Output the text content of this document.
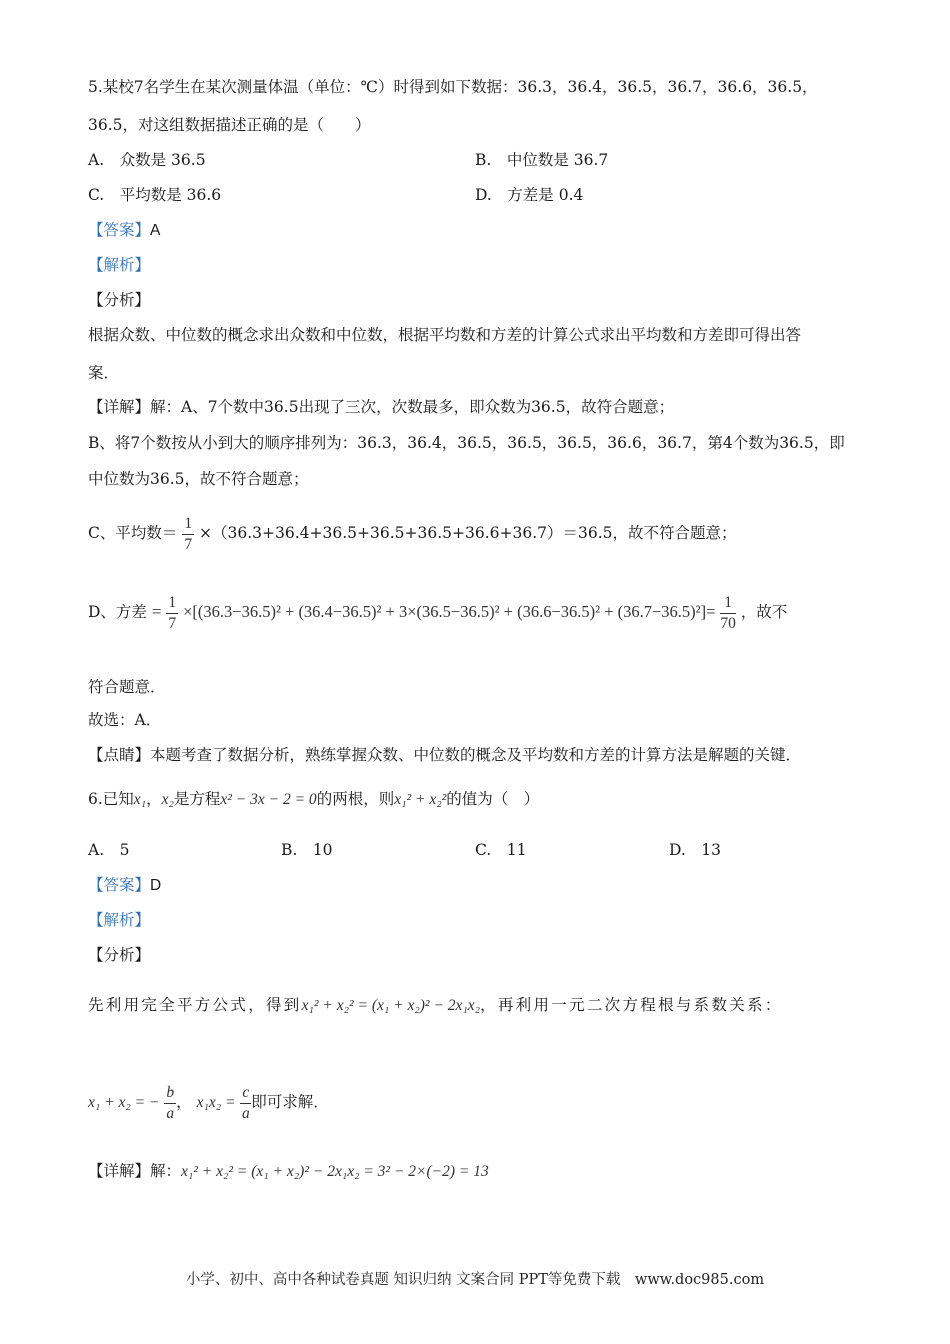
5.某校7名学生在某次测量体温（单位：℃）时得到如下数据：36.3，36.4，36.5，36.7，36.6，36.5，
36.5，对这组数据描述正确的是（　　）
A.　众数是 36.5	B.　中位数是 36.7
C.　平均数是 36.6	D.　方差是 0.4
【答案】A
【解析】
【分析】
根据众数、中位数的概念求出众数和中位数，根据平均数和方差的计算公式求出平均数和方差即可得出答
案．
【详解】解：A、7个数中36.5出现了三次，次数最多，即众数为36.5，故符合题意；
B、将7个数按从小到大的顺序排列为：36.3，36.4，36.5，36.5，36.5，36.6，36.7，第4个数为36.5，即
中位数为36.5，故不符合题意；
C、平均数＝ $\frac{1}{7} \times(36.3+36.4+36.5+36.5+36.5+36.6+36.7)=36.5$，故不符合题意；
D、方差 = $\frac{1}{7} \times[(36.3-36.5)^2 + (36.4-36.5)^2 + 3\times(36.5-36.5)^2 + (36.6-36.5)^2 + (36.7-36.5)^2]= \frac{1}{70}$ ，故不
符合题意．
故选：A．
【点睛】本题考查了数据分析，熟练掌握众数、中位数的概念及平均数和方差的计算方法是解题的关键．
6.已知x₁，x₂是方程x² − 3x − 2 = 0的两根，则x₁² + x₂²的值为（　）
A.　5	B.　10	C.　11	D.　13
【答案】D
【解析】
【分析】
先利用完全平方公式，得到x₁² + x₂² = (x₁ + x₂)² − 2x₁x₂，再利用一元二次方程根与系数关系：
x₁ + x₂ = − $\frac{b}{a}$ ， $x_1x_2 = \frac{c}{a}$ 即可求解．
【详解】解：x₁² + x₂² = (x₁ + x₂)² − 2x₁x₂ = 3² − 2×(−2) = 13
小学、初中、高中各种试卷真题 知识归纳 文案合同 PPT等免费下载　www.doc985.com
